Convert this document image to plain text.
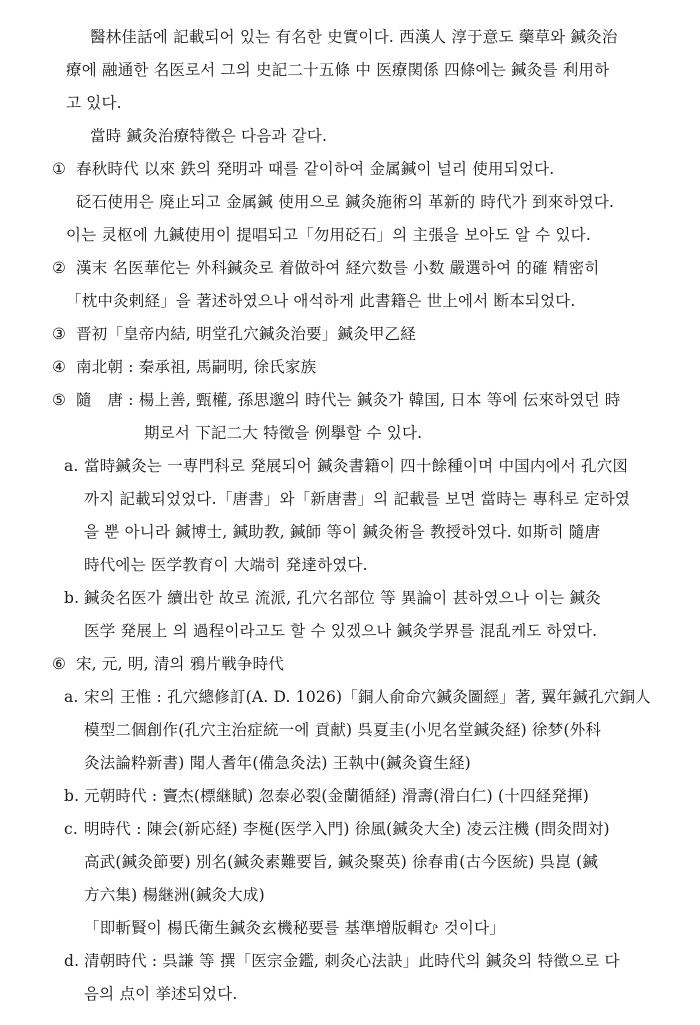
醫林佳話에 記載되어 있는 有名한 史實이다. 西漢人 淳于意도 藥草와 鍼灸治
療에 融通한 名医로서 그의 史記二十五條 中 医療関係 四條에는 鍼灸를 利用하
고 있다.
當時 鍼灸治療特徵은 다음과 같다.
① 春秋時代 以來 鉄의 発明과 때를 같이하여 金属鍼이 널리 使用되었다.
砭石使用은 廃止되고 金属鍼 使用으로 鍼灸施術의 革新的 時代가 到來하였다.
이는 灵枢에 九鍼使用이 提唱되고「勿用砭石」의 主張을 보아도 알 수 있다.
② 漢末 名医華佗는 外科鍼灸로 着做하여 経穴数를 小数 嚴選하여 的確 精密히
「枕中灸剌経」을 著述하였으나 애석하게 此書籍은 世上에서 断本되었다.
③ 晋初「皇帝内結, 明堂孔穴鍼灸治要」鍼灸甲乙経
④ 南北朝 : 秦承祖, 馬嗣明, 徐氏家族
⑤ 隨　唐 : 楊上善, 甄權, 孫思邈의 時代는 鍼灸가 韓国, 日本 等에 伝來하였던 時
期로서 下記二大 特徵을 例擧할 수 있다.
a. 當時鍼灸는 一専門科로 発展되어 鍼灸書籍이 四十餘種이며 中国内에서 孔穴図
까지 記載되었었다.「唐書」와「新唐書」의 記載를 보면 當時는 專科로 定하였
을 뿐 아니라 鍼博士, 鍼助教, 鍼師 等이 鍼灸術을 教授하였다. 如斯히 隨唐
時代에는 医学教育이 大端히 発達하였다.
b. 鍼灸名医가 續出한 故로 流派, 孔穴名部位 等 異論이 甚하였으나 이는 鍼灸
医学 発展上 의 過程이라고도 할 수 있겠으나 鍼灸学界를 混乱케도 하였다.
⑥ 宋, 元, 明, 清의 鴉片戦争時代
a. 宋의 王惟 : 孔穴總修訂(A. D. 1026)「銅人俞命穴鍼灸圖經」著, 翼年鍼孔穴銅人
模型二個創作(孔穴主治症統一에 貢献) 呉夏圭(小児名堂鍼灸経) 徐梦(外科
灸法論粋新書) 聞人耆年(備急灸法) 王執中(鍼灸資生経)
b. 元朝時代 : 竇杰(標継賦) 忽泰必裂(金蘭循経) 滑壽(滑白仁) (十四経発揮)
c. 明時代 : 陳会(新応経) 李梴(医学入門) 徐風(鍼灸大全) 凌云注機 (問灸問対)
高武(鍼灸節要) 別名(鍼灸素難要旨, 鍼灸聚英) 徐春甫(古今医統) 呉崑 (鍼
方六集) 楊継洲(鍼灸大成)
「即斬賢이 楊氏衛生鍼灸玄機秘要를 基準增版輯む 것이다」
d. 清朝時代 : 呉謙 等 撰「医宗金鑑, 刺灸心法訣」此時代의 鍼灸의 特徵으로 다
음의 点이 挙述되었다.
